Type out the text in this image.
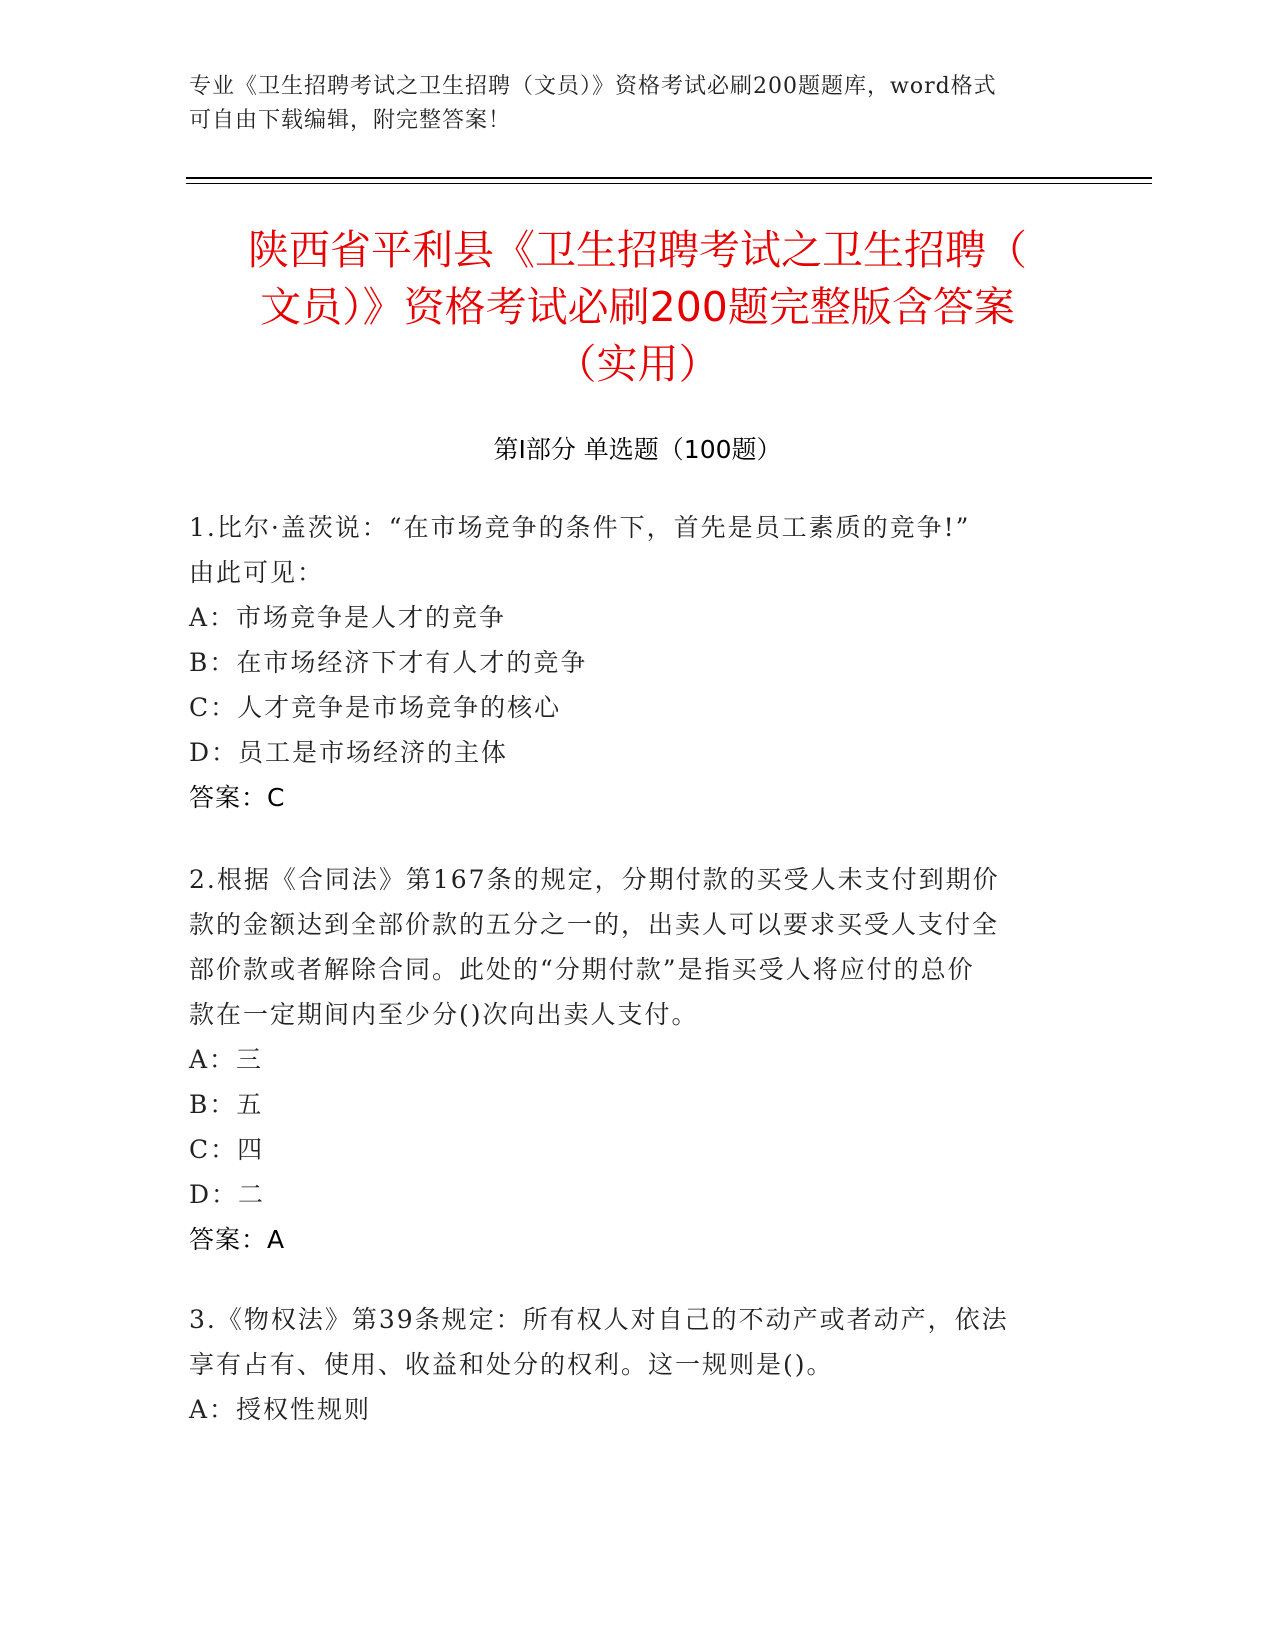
专业《卫生招聘考试之卫生招聘（文员）》资格考试必刷200题题库，word格式
可自由下载编辑，附完整答案！
陕西省平利县《卫生招聘考试之卫生招聘（
文员）》资格考试必刷200题完整版含答案
（实用）
第Ⅰ部分 单选题（100题）

1.比尔·盖茨说：“在市场竞争的条件下，首先是员工素质的竞争!”

由此可见：

A：市场竞争是人才的竞争

B：在市场经济下才有人才的竞争

C：人才竞争是市场竞争的核心

D：员工是市场经济的主体

答案：C

2.根据《合同法》第167条的规定，分期付款的买受人未支付到期价

款的金额达到全部价款的五分之一的，出卖人可以要求买受人支付全

部价款或者解除合同。此处的“分期付款”是指买受人将应付的总价

款在一定期间内至少分()次向出卖人支付。

A：三

B：五

C：四

D：二

答案：A

3.《物权法》第39条规定：所有权人对自己的不动产或者动产，依法

享有占有、使用、收益和处分的权利。这一规则是()。

A：授权性规则
